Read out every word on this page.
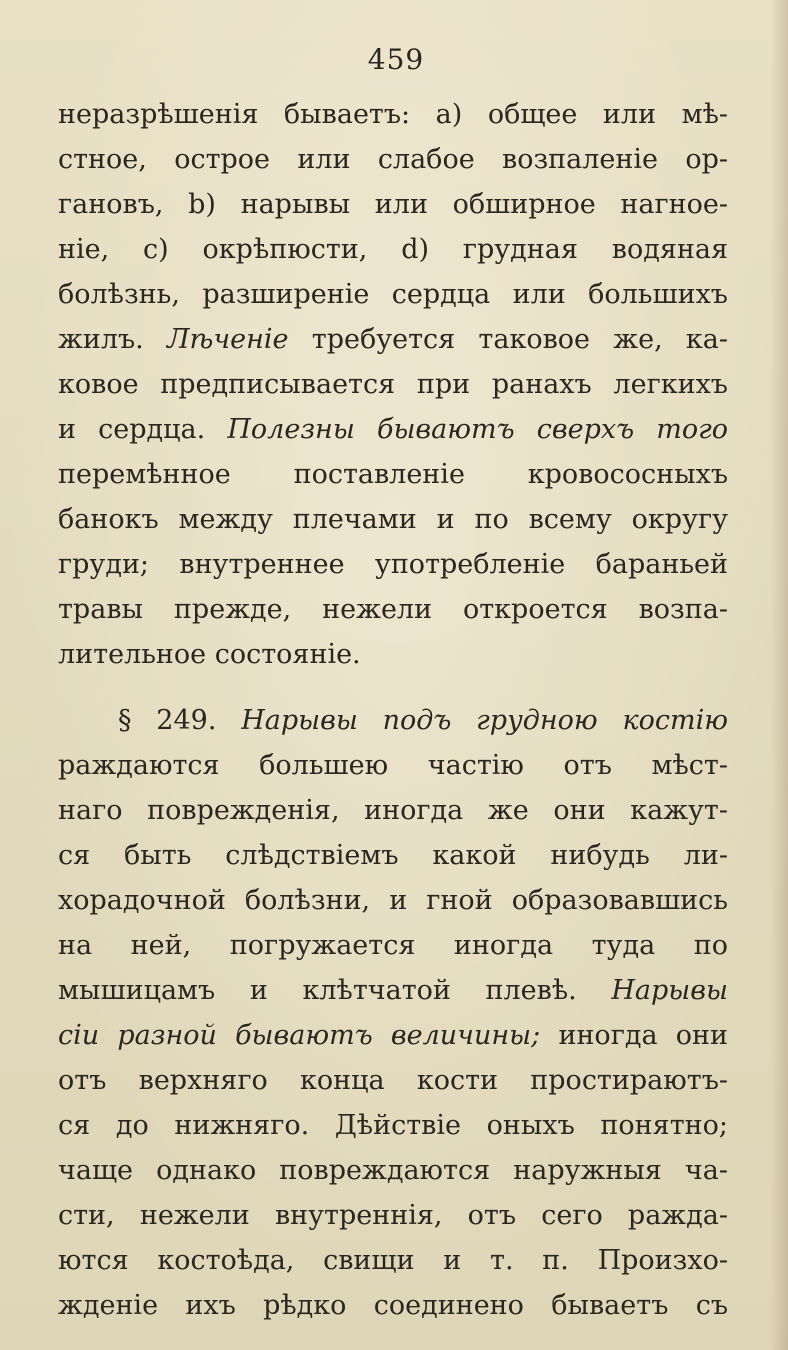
459
неразрѣшенія бываетъ: а) общее или мѣ-
стное, острое или слабое возпаленіе ор-
гановъ, b) нарывы или обширное нагное-
ніе, с) окрѣпюсти, d) грудная водяная
болѣзнь, разширеніе сердца или большихъ
жилъ. Лѣченіе требуется таковое же, ка-
ковое предписывается при ранахъ легкихъ
и сердца. Полезны бываютъ сверхъ того
перемѣнное поставленіе кровососныхъ
банокъ между плечами и по всему округу
груди; внутреннее употребленіе бараньей
травы прежде, нежели откроется возпа-
лительное состояніе.
§ 249. Нарывы подъ грудною костію
раждаются большею частію отъ мѣст-
наго поврежденія, иногда же они кажут-
ся быть слѣдствіемъ какой нибудь ли-
хорадочной болѣзни, и гной образовавшись
на ней, погружается иногда туда по
мышицамъ и клѣтчатой плевѣ. Нарывы
сіи разной бываютъ величины; иногда они
отъ верхняго конца кости простираютъ-
ся до нижняго. Дѣйствіе оныхъ понятно;
чаще однако повреждаются наружныя ча-
сти, нежели внутреннія, отъ сего ражда-
ются костоѣда, свищи и т. п. Произхо-
жденіе ихъ рѣдко соединено бываетъ съ
